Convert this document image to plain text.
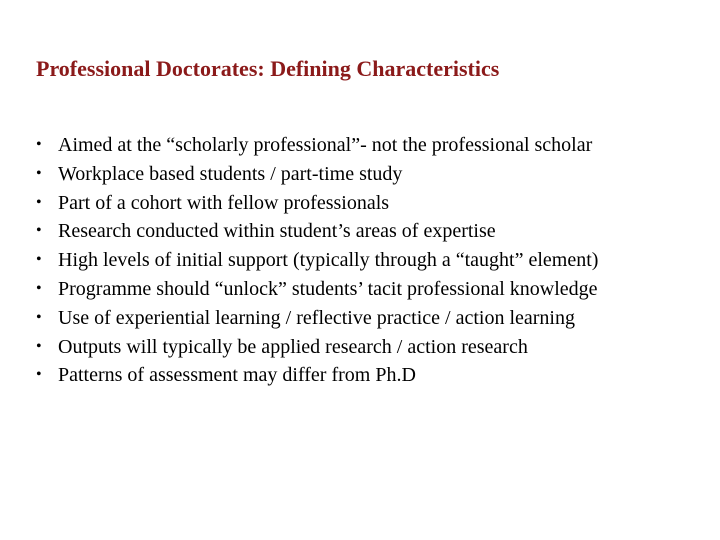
Professional Doctorates: Defining Characteristics
• Aimed at the “scholarly professional”- not the professional scholar
• Workplace based students / part-time study
• Part of a cohort with fellow professionals
• Research conducted within student’s areas of expertise
• High levels of initial support (typically through a “taught” element)
• Programme should “unlock” students’ tacit professional knowledge
• Use of experiential learning / reflective practice / action learning
• Outputs will typically be applied research / action research
• Patterns of assessment may differ from Ph.D
